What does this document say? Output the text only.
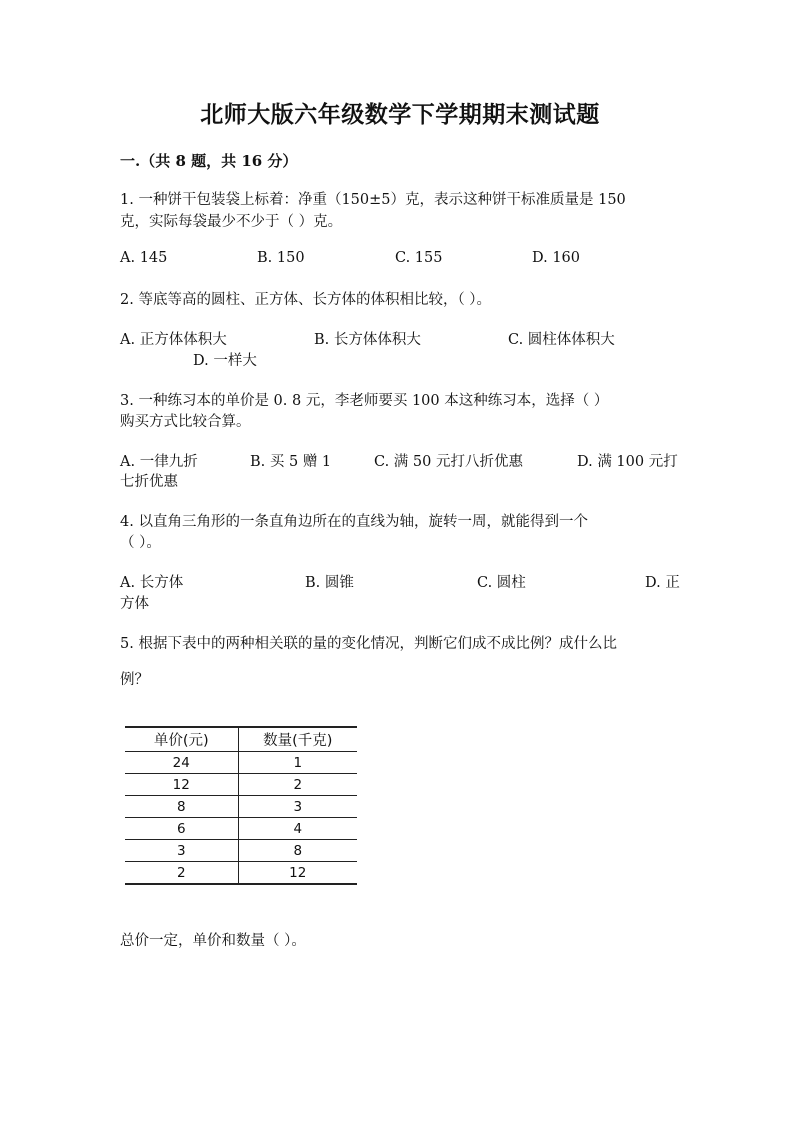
北师大版六年级数学下学期期末测试题
一.（共 8 题，共 16 分）
1. 一种饼干包装袋上标着：净重（150±5）克，表示这种饼干标准质量是 150
克，实际每袋最少不少于（ ）克。
A. 145	B. 150	C. 155	D. 160
2. 等底等高的圆柱、正方体、长方体的体积相比较，（ ）。
A. 正方体体积大	B. 长方体体积大	C. 圆柱体体积大
D. 一样大
3. 一种练习本的单价是 0. 8 元，李老师要买 100 本这种练习本，选择（ ）
购买方式比较合算。
A. 一律九折	B. 买 5 赠 1	C. 满 50 元打八折优惠	D. 满 100 元打
七折优惠
4. 以直角三角形的一条直角边所在的直线为轴，旋转一周，就能得到一个
（ ）。
A. 长方体	B. 圆锥	C. 圆柱	D. 正
方体
5. 根据下表中的两种相关联的量的变化情况，判断它们成不成比例？成什么比
例？
单价(元)	数量(千克)
24	1
12	2
8	3
6	4
3	8
2	12
总价一定，单价和数量（ ）。
